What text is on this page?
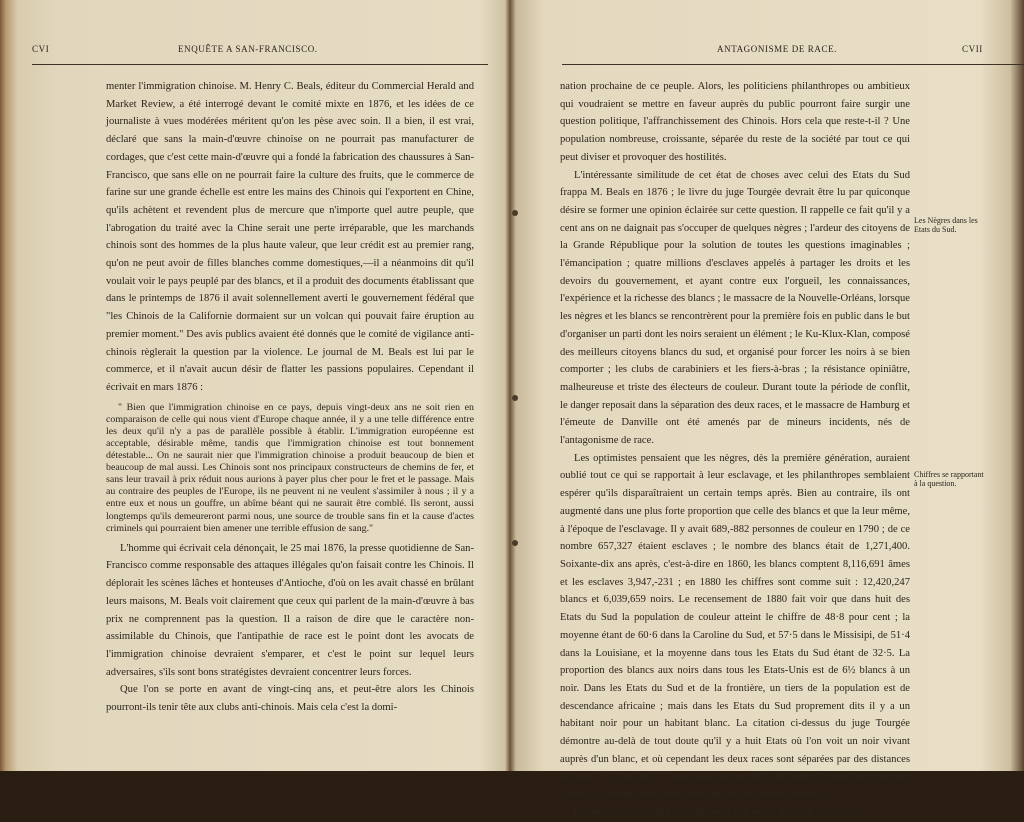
CVI	ENQUÊTE A SAN-FRANCISCO.

menter l'immigration chinoise. M. Henry C. Beals, éditeur du Commercial Herald and Market Review, a été interrogé devant le comité mixte en 1876, et les idées de ce journaliste à vues modérées méritent qu'on les pèse avec soin. Il a bien, il est vrai, déclaré que sans la main-d'œuvre chinoise on ne pourrait pas manufacturer de cordages, que c'est cette main-d'œuvre qui a fondé la fabrication des chaussures à San-Francisco, que sans elle on ne pourrait faire la culture des fruits, que le commerce de farine sur une grande échelle est entre les mains des Chinois qui l'exportent en Chine, qu'ils achètent et revendent plus de mercure que n'importe quel autre peuple, que l'abrogation du traité avec la Chine serait une perte irréparable, que les marchands chinois sont des hommes de la plus haute valeur, que leur crédit est au premier rang, qu'on ne peut avoir de filles blanches comme domestiques,—il a néanmoins dit qu'il voulait voir le pays peuplé par des blancs, et il a produit des documents établissant que dans le printemps de 1876 il avait solennellement averti le gouvernement fédéral que "les Chinois de la Californie dormaient sur un volcan qui pouvait faire éruption au premier moment." Des avis publics avaient été donnés que le comité de vigilance anti-chinois règlerait la question par la violence. Le journal de M. Beals est lui par le commerce, et il n'avait aucun désir de flatter les passions populaires. Cependant il écrivait en mars 1876 :

" Bien que l'immigration chinoise en ce pays, depuis vingt-deux ans ne soit rien en comparaison de celle qui nous vient d'Europe chaque année, il y a une telle différence entre les deux qu'il n'y a pas de parallèle possible à établir. L'immigration européenne est acceptable, désirable même, tandis que l'immigration chinoise est tout bonnement détestable... On ne saurait nier que l'immigration chinoise a produit beaucoup de bien et beaucoup de mal aussi. Les Chinois sont nos principaux constructeurs de chemins de fer, et sans leur travail à prix réduit nous aurions à payer plus cher pour le fret et le passage. Mais au contraire des peuples de l'Europe, ils ne peuvent ni ne veulent s'assimiler à nous ; il y a entre eux et nous un gouffre, un abîme béant qui ne saurait être comblé. Ils seront, aussi longtemps qu'ils demeureront parmi nous, une source de trouble sans fin et la cause d'actes criminels qui pourraient bien amener une terrible effusion de sang."

L'homme qui écrivait cela dénonçait, le 25 mai 1876, la presse quotidienne de San-Francisco comme responsable des attaques illégales qu'on faisait contre les Chinois. Il déplorait les scènes lâches et honteuses d'Antioche, d'où on les avait chassé en brûlant leurs maisons, M. Beals voit clairement que ceux qui parlent de la main-d'œuvre à bas prix ne comprennent pas la question. Il a raison de dire que le caractère non-assimilable du Chinois, que l'antipathie de race est le point dont les avocats de l'immigration chinoise devraient s'emparer, et c'est le point sur lequel leurs adversaires, s'ils sont bons stratégistes devraient concentrer leurs forces.

Que l'on se porte en avant de vingt-cinq ans, et peut-être alors les Chinois pourront-ils tenir tête aux clubs anti-chinois. Mais cela c'est la domi-

ANTAGONISME DE RACE.	CVII

nation prochaine de ce peuple. Alors, les politiciens philanthropes ou ambitieux qui voudraient se mettre en faveur auprès du public pourront faire surgir une question politique, l'affranchissement des Chinois. Hors cela que reste-t-il ? Une population nombreuse, croissante, séparée du reste de la société par tout ce qui peut diviser et provoquer des hostilités.

L'intéressante similitude de cet état de choses avec celui des Etats du Sud frappa M. Beals en 1876 ; le livre du juge Tourgée devrait être lu par quiconque désire se former une opinion éclairée sur cette question. Il rappelle ce fait qu'il y a cent ans on ne daignait pas s'occuper de quelques nègres ; l'ardeur des citoyens de la Grande République pour la solution de toutes les questions imaginables ; l'émancipation ; quatre millions d'esclaves appelés à partager les droits et les devoirs du gouvernement, et ayant contre eux l'orgueil, les connaissances, l'expérience et la richesse des blancs ; le massacre de la Nouvelle-Orléans, lorsque les nègres et les blancs se rencontrèrent pour la première fois en public dans le but d'organiser un parti dont les noirs seraient un élément ; le Ku-Klux-Klan, composé des meilleurs citoyens blancs du sud, et organisé pour forcer les noirs à se bien comporter ; les clubs de carabiniers et les fiers-à-bras ; la résistance opiniâtre, malheureuse et triste des électeurs de couleur. Durant toute la période de conflit, le danger reposait dans la séparation des deux races, et le massacre de Hamburg et l'émeute de Danville ont été amenés par de mineurs incidents, nés de l'antagonisme de race.

Les optimistes pensaient que les nègres, dès la première génération, auraient oublié tout ce qui se rapportait à leur esclavage, et les philanthropes semblaient espérer qu'ils disparaîtraient un certain temps après. Bien au contraire, ils ont augmenté dans une plus forte proportion que celle des blancs et que la leur même, à l'époque de l'esclavage. Il y avait 689,-882 personnes de couleur en 1790 ; de ce nombre 657,327 étaient esclaves ; le nombre des blancs était de 1,271,400. Soixante-dix ans après, c'est-à-dire en 1860, les blancs comptent 8,116,691 âmes et les esclaves 3,947,-231 ; en 1880 les chiffres sont comme suit : 12,420,247 blancs et 6,039,659 noirs. Le recensement de 1880 fait voir que dans huit des Etats du Sud la population de couleur atteint le chiffre de 48·8 pour cent ; la moyenne étant de 60·6 dans la Caroline du Sud, et 57·5 dans le Missisipi, de 51·4 dans la Louisiane, et la moyenne dans tous les Etats du Sud étant de 32·5. La proportion des blancs aux noirs dans tous les Etats-Unis est de 6½ blancs à un noir. Dans les Etats du Sud et de la frontière, un tiers de la population est de descendance africaine ; mais dans les Etats du Sud proprement dits il y a un habitant noir pour un habitant blanc. La citation ci-dessus du juge Tourgée démontre au-delà de tout doute qu'il y a huit Etats où l'on voit un noir vivant auprès d'un blanc, et où cependant les deux races sont séparées par des distances infinies. Si, d'un côté ils sont aussi rapprochés, de l'autre, le sentiment de race parlant, un abîme existe entre eux que rien ne saurait combler.

La question serait déjà assez grave si elle restait en l'état actuel, mais

Les Nègres dans les Etats du Sud.
Chiffres se rapportant à la question.
